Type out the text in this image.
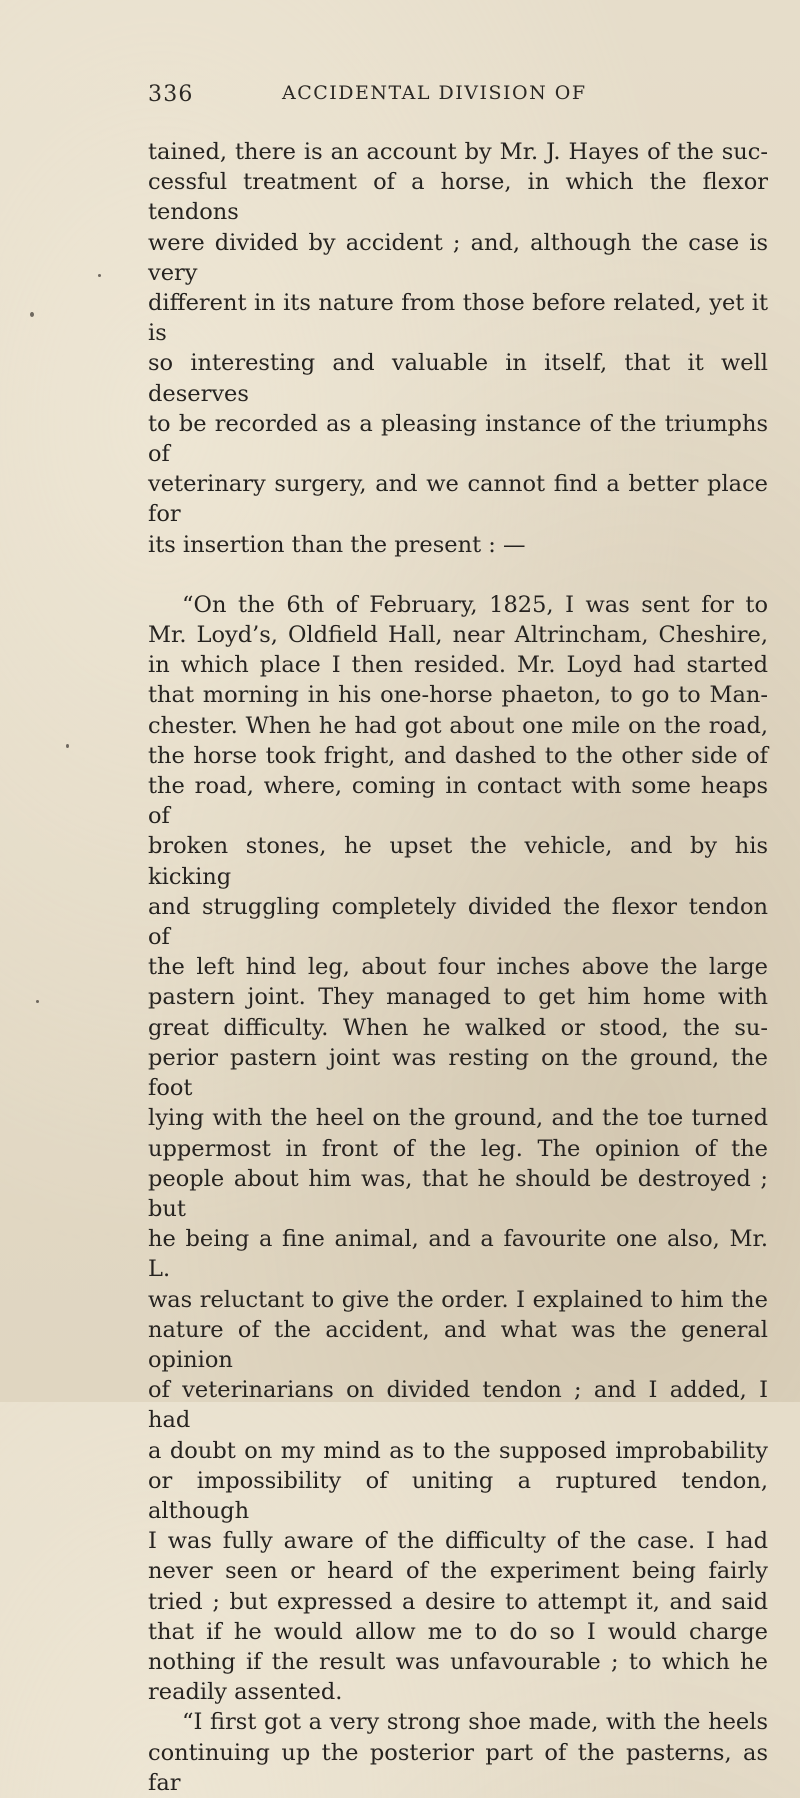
336	ACCIDENTAL DIVISION OF

tained, there is an account by Mr. J. Hayes of the suc-

cessful treatment of a horse, in which the flexor tendons

were divided by accident ; and, although the case is very

different in its nature from those before related, yet it is

so interesting and valuable in itself, that it well deserves

to be recorded as a pleasing instance of the triumphs of

veterinary surgery, and we cannot find a better place for

its insertion than the present : —

“On the 6th of February, 1825, I was sent for to

Mr. Loyd’s, Oldfield Hall, near Altrincham, Cheshire,

in which place I then resided. Mr. Loyd had started

that morning in his one-horse phaeton, to go to Man-

chester. When he had got about one mile on the road,

the horse took fright, and dashed to the other side of

the road, where, coming in contact with some heaps of

broken stones, he upset the vehicle, and by his kicking

and struggling completely divided the flexor tendon of

the left hind leg, about four inches above the large

pastern joint. They managed to get him home with

great difficulty. When he walked or stood, the su-

perior pastern joint was resting on the ground, the foot

lying with the heel on the ground, and the toe turned

uppermost in front of the leg. The opinion of the

people about him was, that he should be destroyed ; but

he being a fine animal, and a favourite one also, Mr. L.

was reluctant to give the order. I explained to him the

nature of the accident, and what was the general opinion

of veterinarians on divided tendon ; and I added, I had

a doubt on my mind as to the supposed improbability

or impossibility of uniting a ruptured tendon, although

I was fully aware of the difficulty of the case. I had

never seen or heard of the experiment being fairly

tried ; but expressed a desire to attempt it, and said

that if he would allow me to do so I would charge

nothing if the result was unfavourable ; to which he

readily assented.

“I first got a very strong shoe made, with the heels

continuing up the posterior part of the pasterns, as far
